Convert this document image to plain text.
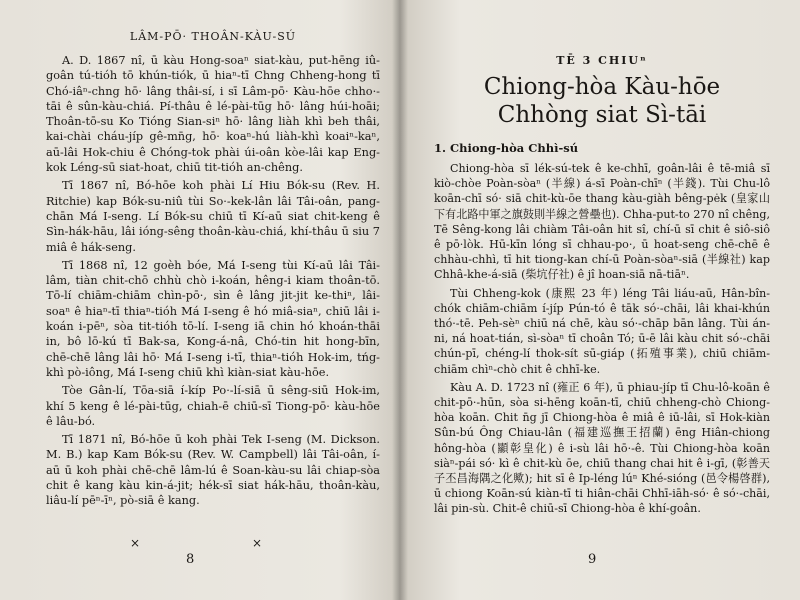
LÂM-PŌ· THOÂN-KÀU-SÚ

A. D. 1867 nî, ū kàu Hong-soaⁿ siat-kàu, put-hēng iû-goân tú-tióh tō khún-tiók, ū hiaⁿ-tī Chng Chheng-hong tī Chó-iâⁿ-chng hō· lâng thâi-sí, i sī Lâm-pō· Kàu-hōe chho·-tāi ê sûn-kàu-chiá. Pí-thâu ê lé-pài-tūg hō· lâng húi-hoāi; Thoân-tō-su Ko Tióng Sian-siⁿ hō· lâng liàh khì beh thâi, kai-chài cháu-jíp gê-mn̄g, hō· koaⁿ-hú liàh-khì koaiⁿ-kaⁿ, aū-lâi Hok-chiu ê Chóng-tok phài úi-oân kòe-lâi kap Eng-kok Léng-sū siat-hoat, chiū tit-tióh an-chêng.

Tī 1867 nî, Bó-hōe koh phài Lí Hiu Bók-su (Rev. H. Ritchie) kap Bók-su-niû tùi So·-kek-lân lâi Tâi-oân, pang-chān Má I-seng. Lí Bók-su chiū tī Kí-aū siat chit-keng ê Sìn-hák-hāu, lâi ióng-sêng thoân-kàu-chiá, khí-thâu ū siu 7 miâ ê hák-seng.

Tī 1868 nî, 12 goèh bóe, Má I-seng tùi Kí-aū lâi Tâi-lâm, tiàn chit-chō chhù chò i-koán, hêng-i kiam thoân-tō. Tō-lí chiām-chiām chìn-pō·, sìn ê lâng jit-jit ke-thiⁿ, lâi-soaⁿ ê hiaⁿ-tī thiaⁿ-tióh Má I-seng ê hó miâ-siaⁿ, chiū lâi i-koán i-pēⁿ, sòa tit-tióh tō-lí. I-seng iā chin hó khoán-thāi in, bô lō-kú tī Bak-sa, Kong-á-nâ, Chó-tin hit hong-bīn, chē-chē lâng lâi hō· Má I-seng i-tī, thiaⁿ-tióh Hok-im, tńg-khì pò-iông, Má I-seng chiū khì kiàn-siat kàu-hōe.

Tòe Gân-lí, Tōa-siā í-kíp Po·-lí-siā ū sêng-siū Hok-im, khí 5 keng ê lé-pài-tūg, chiah-ē chiū-sī Tiong-pō· kàu-hōe ê lâu-bó.

Tī 1871 nî, Bó-hōe ū koh phài Tek I-seng (M. Dickson. M. B.) kap Kam Bók-su (Rev. W. Campbell) lâi Tâi-oân, í-aū ū koh phài chē-chē lâm-lú ê Soan-kàu-su lâi chiap-sòa chit ê kang kàu kin-á-jit; hék-sī siat hák-hāu, thoân-kàu, liâu-lí pēⁿ-īⁿ, pò-siā ê kang.

×	×
8
TĒ 3 CHIUⁿ
Chiong-hòa Kàu-hōe
Chhòng siat Sì-tāi
1. Chiong-hòa Chhì-sú

Chiong-hòa sī lék-sú-tek ê ke-chhī, goân-lâi ê tē-miâ sī kiò-chòe Poàn-sòaⁿ (半線) á-sī Poàn-chīⁿ (半錢). Tùi Chu-lô koān-chī só· siā chit-kù-ōe thang kàu-giàh bêng-pėk (皇家山下有北路中軍之旗鼓則半線之營壘也). Chha-put-to 270 nî chêng, Tē Sêng-kong lâi chiàm Tâi-oân hit sî, chí-ū sī chit ê siô-siô ê pō·lòk. Hū-kīn lóng sī chhau-po·, ū hoat-seng chē-chē ê chhàu-chhì, tī hit tiong-kan chí-ū Poàn-sòaⁿ-siā (半線社) kap Chhâ-khe-á-siā (柴坑仔社) ê jî hoan-siā nā-tiāⁿ.

Tùi Chheng-kok (康熙 23 年) léng Tâi liáu-aū, Hân-bîn-chók chiām-chiām í-jíp Pún-tó ê tāk só·-chāi, lâi khai-khún thó·-tē. Peh-sèⁿ chiū ná chē, kàu só·-chāp bān lâng. Tùi án-ni, ná hoat-tián, sì-sòaⁿ tī choân Tó; ū-ē lâi kàu chit só·-chāi chún-pī, chéng-lí thok-sít sū-giáp (拓殖事業), chiū chiām-chiām chìⁿ-chò chit ê chhī-ke.

Kàu A. D. 1723 nî (雍正 6 年), ū phiau-jíp tī Chu-lô-koān ê chit-pō·-hūn, sòa si-hēng koān-tī, chiū chheng-chò Chiong-hòa koān. Chit n̄g jī Chiong-hòa ê miâ ê iū-lâi, sī Hok-kiàn Sûn-bú Ông Chiau-lân (福建巡撫王招蘭) ēng Hiân-chiong hông-hòa (顯彰皇化) ê i-sù lâi hō·-ê. Tùi Chiong-hòa koān siàⁿ-pái só· kì ê chit-kù ōe, chiū thang chai hit ê i-gī, (彰善天子丕昌海隅之化歟); hit sī ê Ip-léng lúⁿ Khé-sióng (邑令楊啓群), ū chiong Koān-sú kiàn-tī ti hiân-chāi Chhī-iāh-só· ê só·-chāi, lâi pin-sù. Chit-ê chiū-sī Chiong-hòa ê khí-goân.

9
